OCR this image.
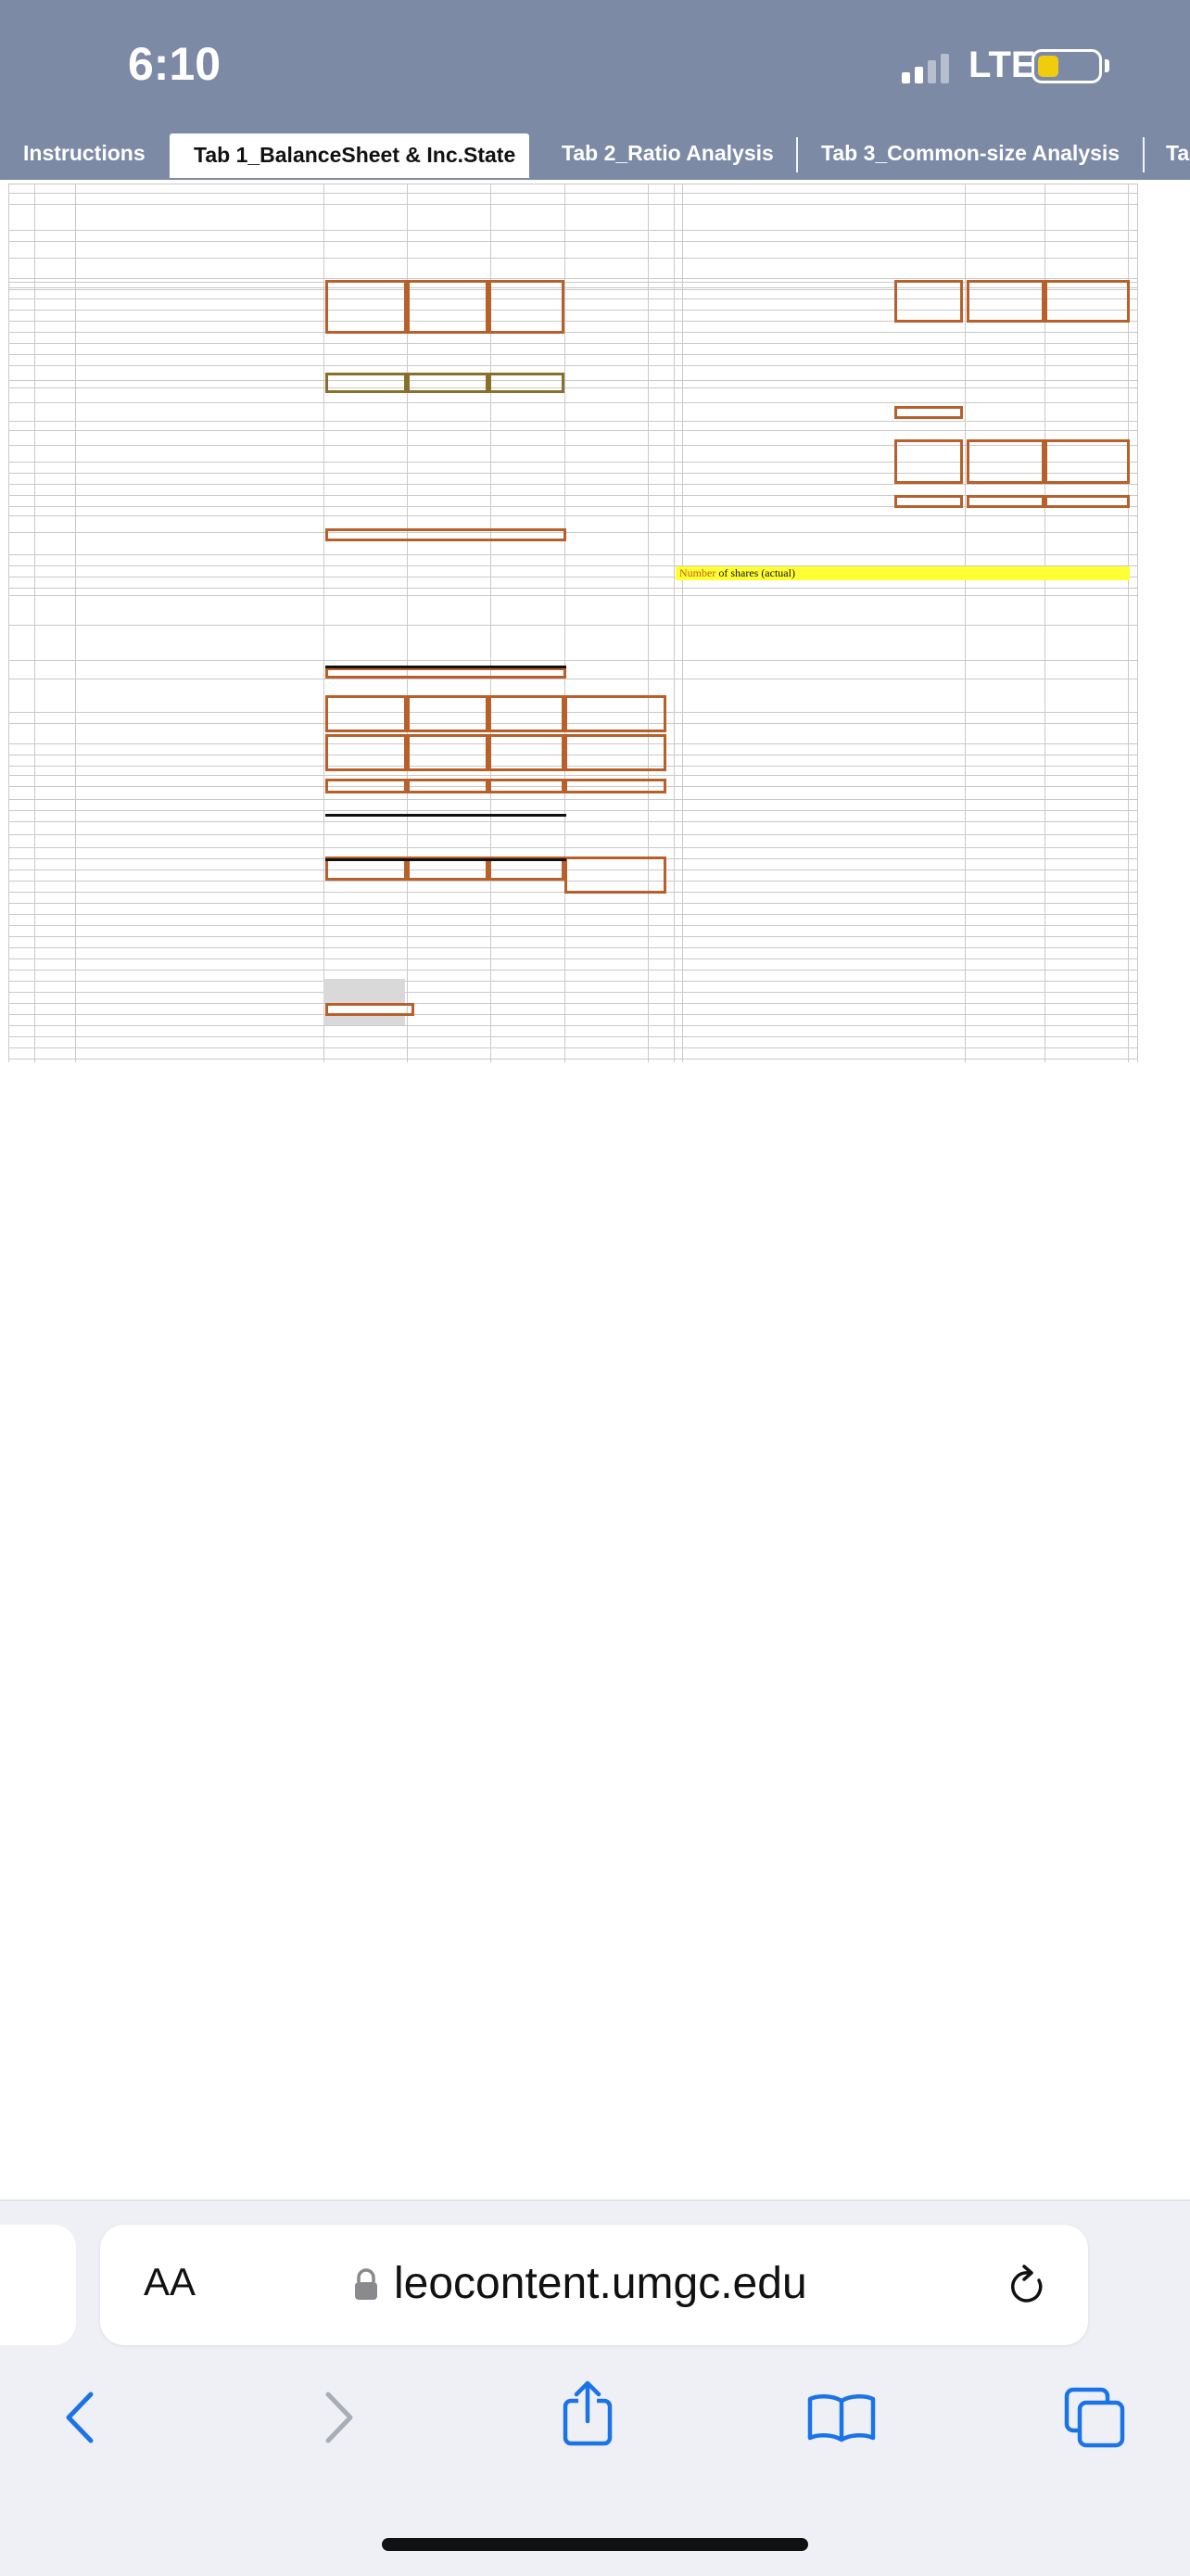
6:10	LTE
Instructions	Tab 1_BalanceSheet & Inc.State	Tab 2_Ratio Analysis Tab 3_Common-size Analysis Ta
Number of shares (actual)
AA	leocontent.umgc.edu
